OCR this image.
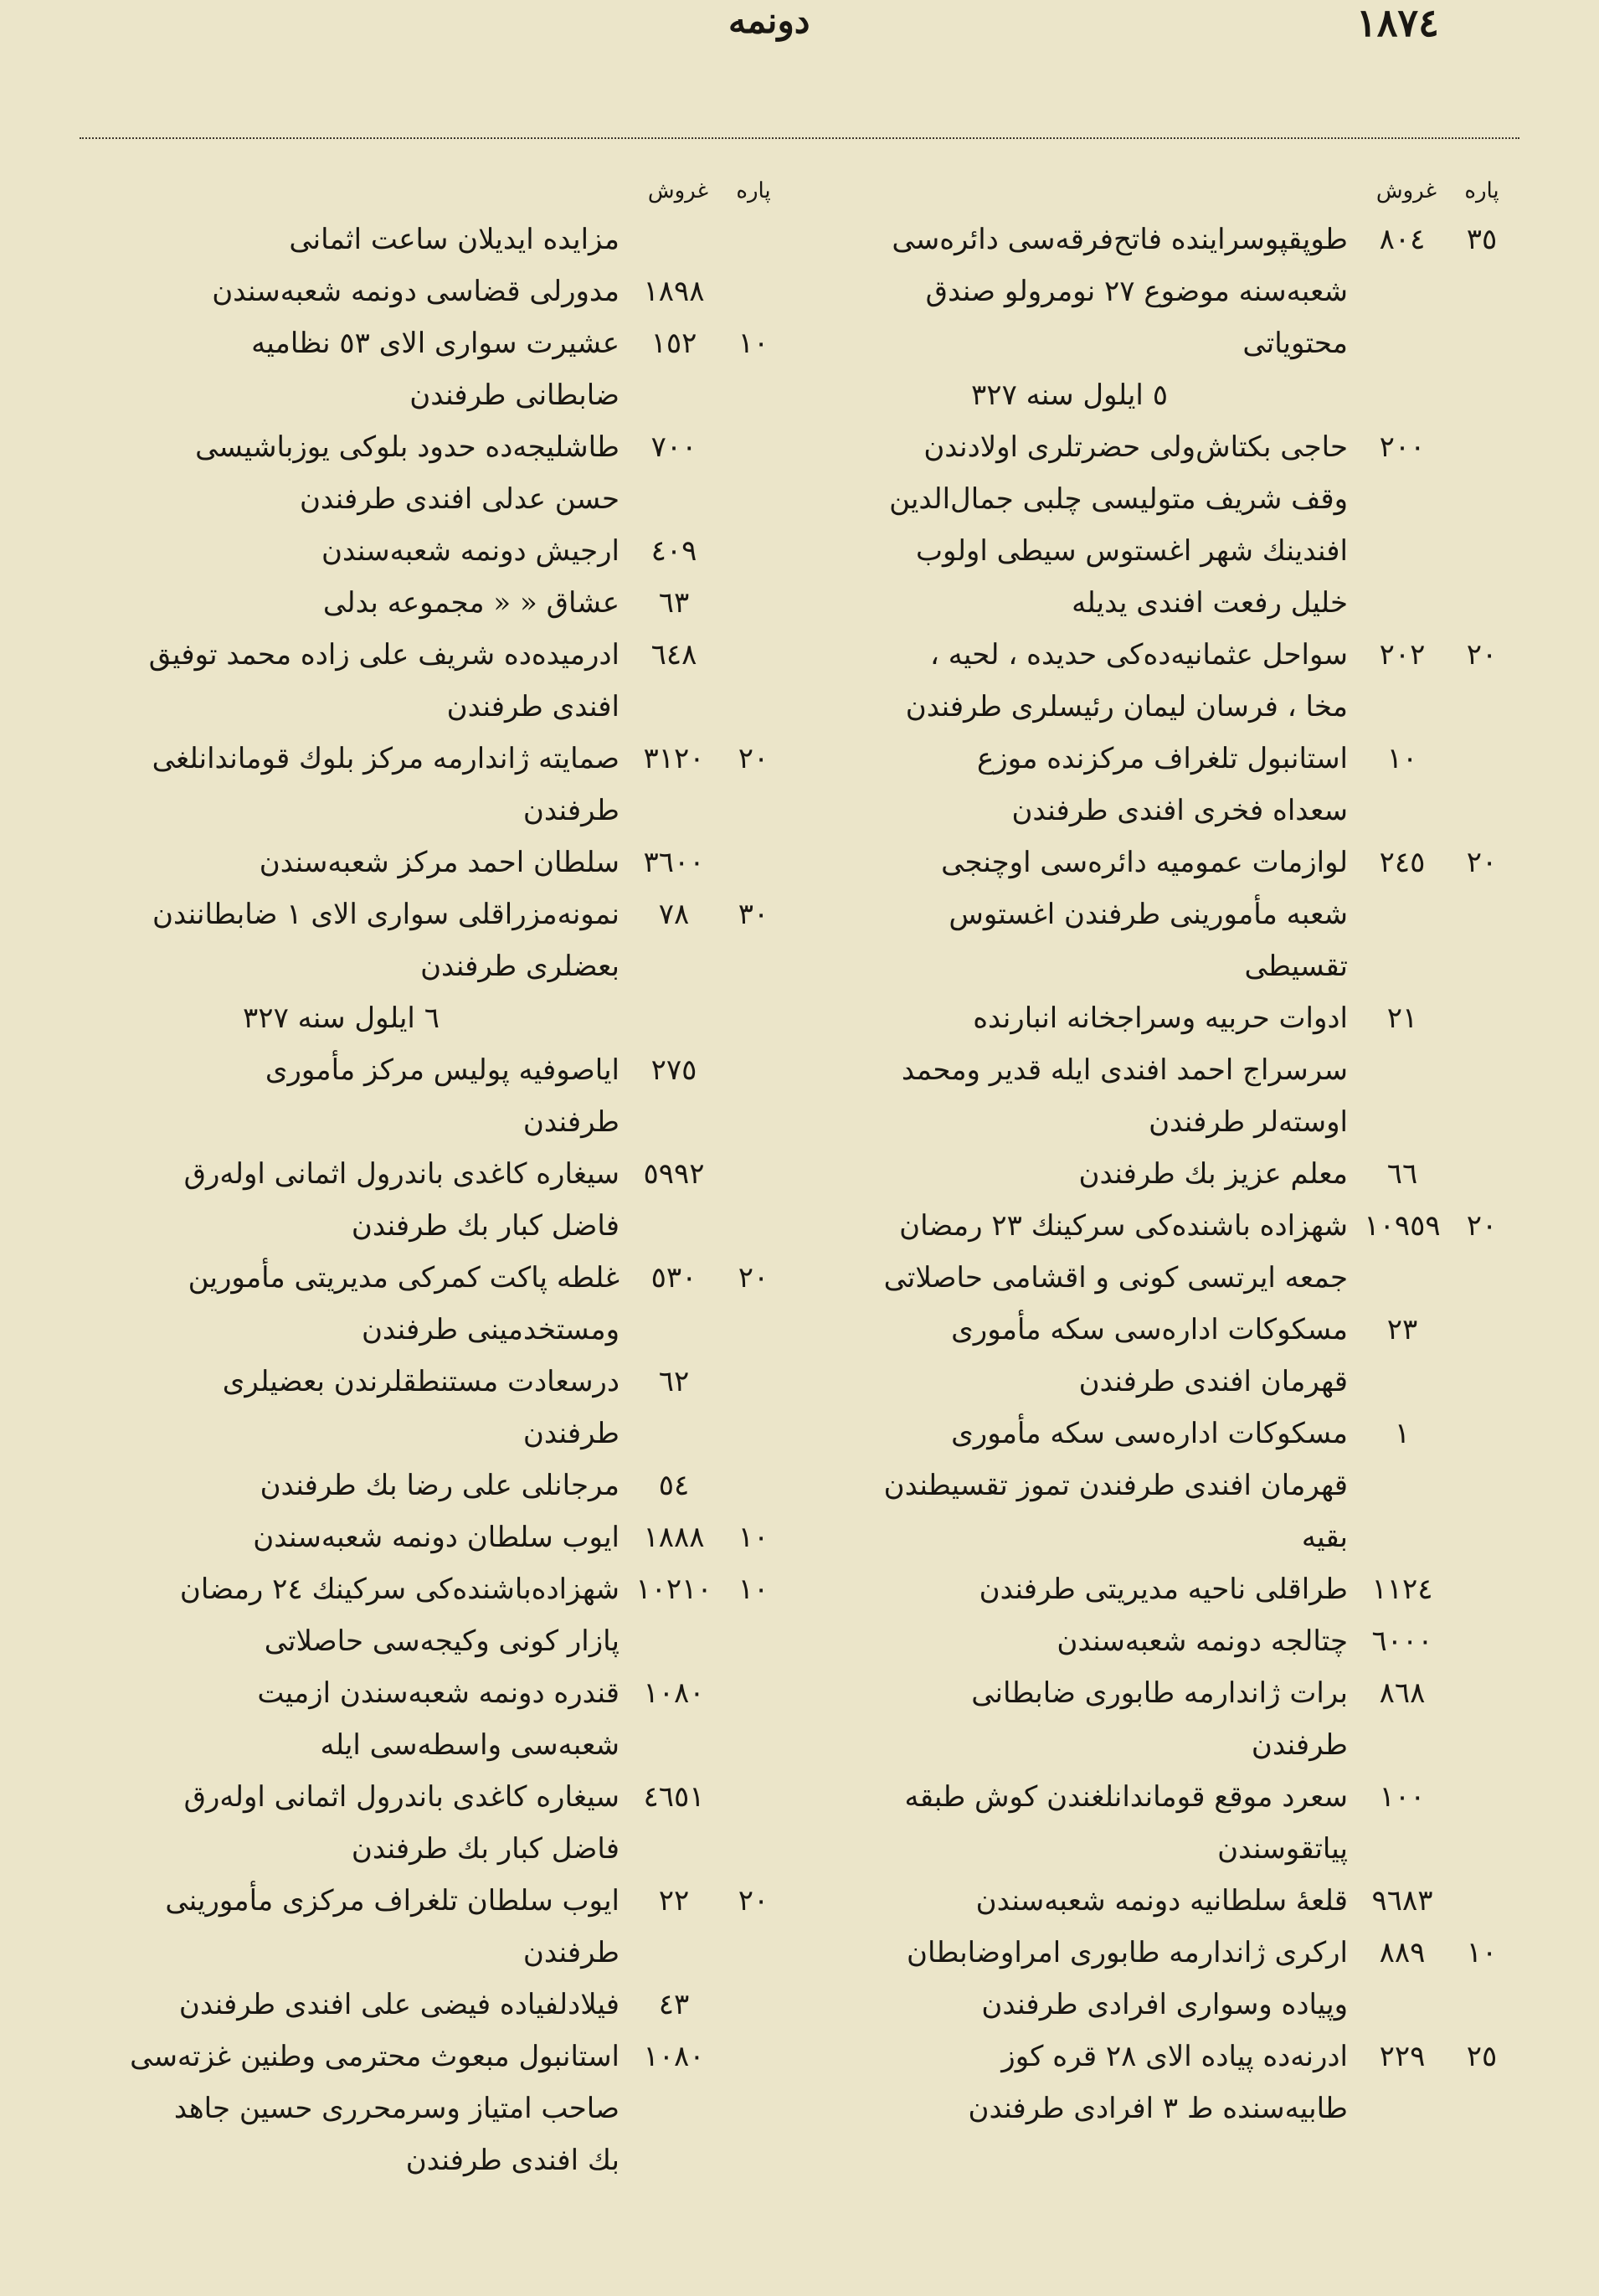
١٨٧٤
دونمه
پاره
غروش
٣٥
٨٠٤
طوپقپوسراینده فاتح‌فرقه‌سی دائره‌سی
شعبه‌سنه موضوع ٢٧ نومرولو صندق
محتویاتی
٥ ایلول سنه ٣٢٧
٢٠٠
حاجی بکتاش‌ولی حضرتلری اولادندن
وقف شریف متولیسی چلبی جمال‌الدین
افندینك شهر اغستوس سیطی اولوب
خلیل رفعت افندی یدیله
٢٠
٢٠٢
سواحل عثمانیه‌ده‌کی حدیده ، لحیه ،
مخا ، فرسان لیمان رئیسلری طرفندن
١٠
استانبول تلغراف مرکزنده موزع
سعداه فخری افندی طرفندن
٢٠
٢٤٥
لوازمات عمومیه دائره‌سی اوچنجی
شعبه مأمورینی طرفندن اغستوس
تقسیطی
٢١
ادوات حربیه وسراجخانه انبارنده
سرسراج احمد افندی ایله قدیر ومحمد
اوسته‌لر طرفندن
٦٦
معلم عزیز بك طرفندن
٢٠
١٠٩٥٩
شهزاده باشنده‌کی سرکینك ٢٣ رمضان
جمعه ایرتسی کونی و اقشامی حاصلاتی
٢٣
مسکوکات اداره‌سی سکه مأموری
قهرمان افندی طرفندن
١
مسکوکات اداره‌سی سکه مأموری
قهرمان افندی طرفندن تموز تقسیطندن
بقیه
١١٢٤
طراقلی ناحیه مدیریتی طرفندن
٦٠٠٠
چتالجه دونمه شعبه‌سندن
٨٦٨
برات ژاندارمه طابوری ضابطانی
طرفندن
١٠٠
سعرد موقع قوماندانلغندن کوش طبقه
پیاتقوسندن
٩٦٨٣
قلعهٔ سلطانیه دونمه شعبه‌سندن
١٠
٨٨٩
ارکری ژاندارمه طابوری امراوضابطان
وپیاده وسواری افرادی طرفندن
٢٥
٢٢٩
ادرنه‌ده پیاده الای ٢٨ قره کوز
طابیه‌سنده ط ٣ افرادی طرفندن
پاره
غروش
مزایده ایدیلان ساعت اثمانی
١٨٩٨
مدورلی قضاسی دونمه شعبه‌سندن
١٠
١٥٢
عشیرت سواری الای ٥٣ نظامیه
ضابطانی طرفندن
٧٠٠
طاشلیجه‌ده حدود بلوکی یوزباشیسی
حسن عدلی افندی طرفندن
٤٠٩
ارجیش دونمه شعبه‌سندن
٦٣
عشاق « « مجموعه بدلی
٦٤٨
ادرمیده‌ده شریف علی زاده محمد توفیق
افندی طرفندن
٢٠
٣١٢٠
صمایته ژاندارمه مرکز بلوك قوماندانلغی
طرفندن
٣٦٠٠
سلطان احمد مرکز شعبه‌سندن
٣٠
٧٨
نمونه‌مزراقلی سواری الای ١ ضابطانندن
بعضلری طرفندن
٦ ایلول سنه ٣٢٧
٢٧٥
ایاصوفیه پولیس مرکز مأموری
طرفندن
٥٩٩٢
سیغاره کاغدی باندرول اثمانی اوله‌رق
فاضل کبار بك طرفندن
٢٠
٥٣٠
غلطه پاکت کمرکی مدیریتی مأمورین
ومستخدمینی طرفندن
٦٢
درسعادت مستنطقلرندن بعضیلری
طرفندن
٥٤
مرجانلی علی رضا بك طرفندن
١٠
١٨٨٨
ایوب سلطان دونمه شعبه‌سندن
١٠
١٠٢١٠
شهزاده‌باشنده‌کی سرکینك ٢٤ رمضان
پازار کونی وکیجه‌سی حاصلاتی
١٠٨٠
قندره دونمه شعبه‌سندن ازمیت
شعبه‌سی واسطه‌سی ایله
٤٦٥١
سیغاره کاغدی باندرول اثمانی اوله‌رق
فاضل کبار بك طرفندن
٢٠
٢٢
ایوب سلطان تلغراف مرکزی مأمورینی
طرفندن
٤٣
فیلادلفیاده فیضی علی افندی طرفندن
١٠٨٠
استانبول مبعوث محترمی وطنین غزته‌سی
صاحب امتیاز وسرمحرری حسین جاهد
بك افندی طرفندن
